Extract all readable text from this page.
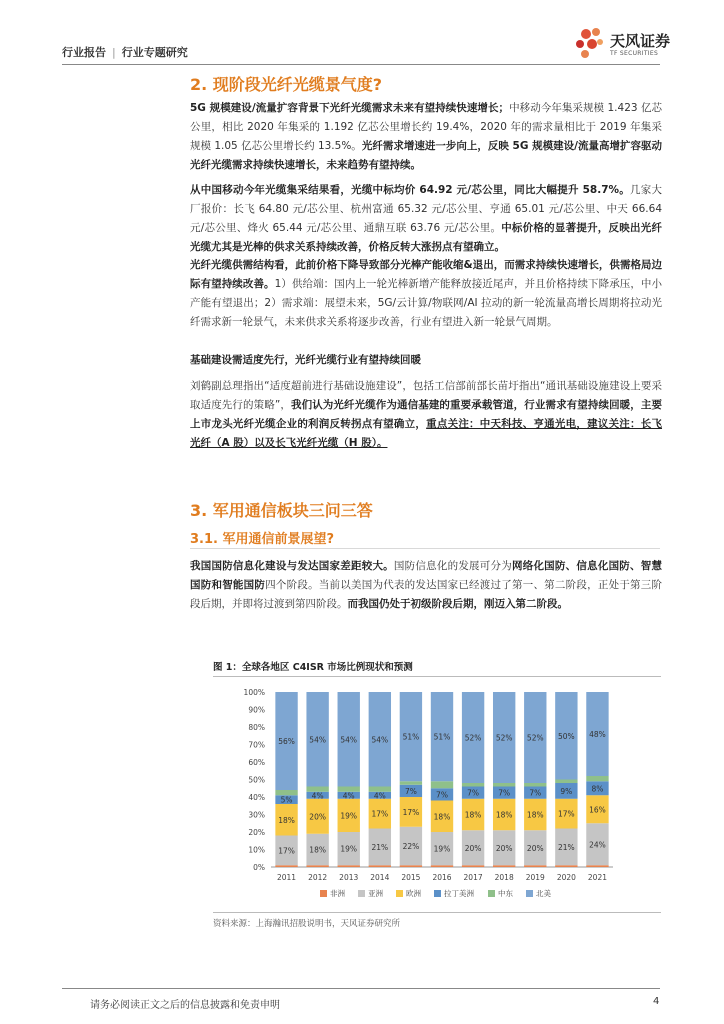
行业报告 | 行业专题研究
天风证券
TF SECURITIES
2. 现阶段光纤光缆景气度?

5G 规模建设/流量扩容背景下光纤光缆需求未来有望持续快速增长；中移动今年集采规模 1.423 亿芯公里，相比 2020 年集采的 1.192 亿芯公里增长约 19.4%，2020 年的需求量相比于 2019 年集采规模 1.05 亿芯公里增长约 13.5%。光纤需求增速进一步向上，反映 5G 规模建设/流量高增扩容驱动光纤光缆需求持续快速增长，未来趋势有望持续。

从中国移动今年光缆集采结果看，光缆中标均价 64.92 元/芯公里，同比大幅提升 58.7%。几家大厂报价：长飞 64.80 元/芯公里、杭州富通 65.32 元/芯公里、亨通 65.01 元/芯公里、中天 66.64 元/芯公里、烽火 65.44 元/芯公里、通鼎互联 63.76 元/芯公里。中标价格的显著提升，反映出光纤光缆尤其是光棒的供求关系持续改善，价格反转大涨拐点有望确立。

光纤光缆供需结构看，此前价格下降导致部分光棒产能收缩&退出，而需求持续快速增长，供需格局边际有望持续改善。1）供给端：国内上一轮光棒新增产能释放接近尾声，并且价格持续下降承压，中小产能有望退出；2）需求端：展望未来，5G/云计算/物联网/AI 拉动的新一轮流量高增长周期将拉动光纤需求新一轮景气，未来供求关系将逐步改善，行业有望进入新一轮景气周期。

基础建设需适度先行，光纤光缆行业有望持续回暖

刘鹤副总理指出“适度超前进行基础设施建设”，包括工信部前部长苗圩指出“通讯基础设施建设上要采取适度先行的策略”，我们认为光纤光缆作为通信基建的重要承载管道，行业需求有望持续回暖，主要上市龙头光纤光缆企业的利润反转拐点有望确立，重点关注：中天科技、亨通光电，建议关注：长飞光纤（A 股）以及长飞光纤光缆（H 股）。

3. 军用通信板块三问三答
3.1. 军用通信前景展望?

我国国防信息化建设与发达国家差距较大。国防信息化的发展可分为网络化国防、信息化国防、智慧国防和智能国防四个阶段。当前以美国为代表的发达国家已经渡过了第一、第二阶段，正处于第三阶段后期，并即将过渡到第四阶段。而我国仍处于初级阶段后期，刚迈入第二阶段。

图 1：全球各地区 C4ISR 市场比例现状和预测
0%
10%
20%
30%
40%
50%
60%
70%
80%
90%
100%
17%
18%
5%
56%
2011
18%
20%
4%
54%
2012
19%
19%
4%
54%
2013
21%
17%
4%
54%
2014
22%
17%
7%
51%
2015
19%
18%
7%
51%
2016
20%
18%
7%
52%
2017
20%
18%
7%
52%
2018
20%
18%
7%
52%
2019
21%
17%
9%
50%
2020
24%
16%
8%
48%
2021
非洲	亚洲	欧洲	拉丁美洲	中东	北美
资料来源：上海瀚讯招股说明书，天风证券研究所
请务必阅读正文之后的信息披露和免责申明	4
